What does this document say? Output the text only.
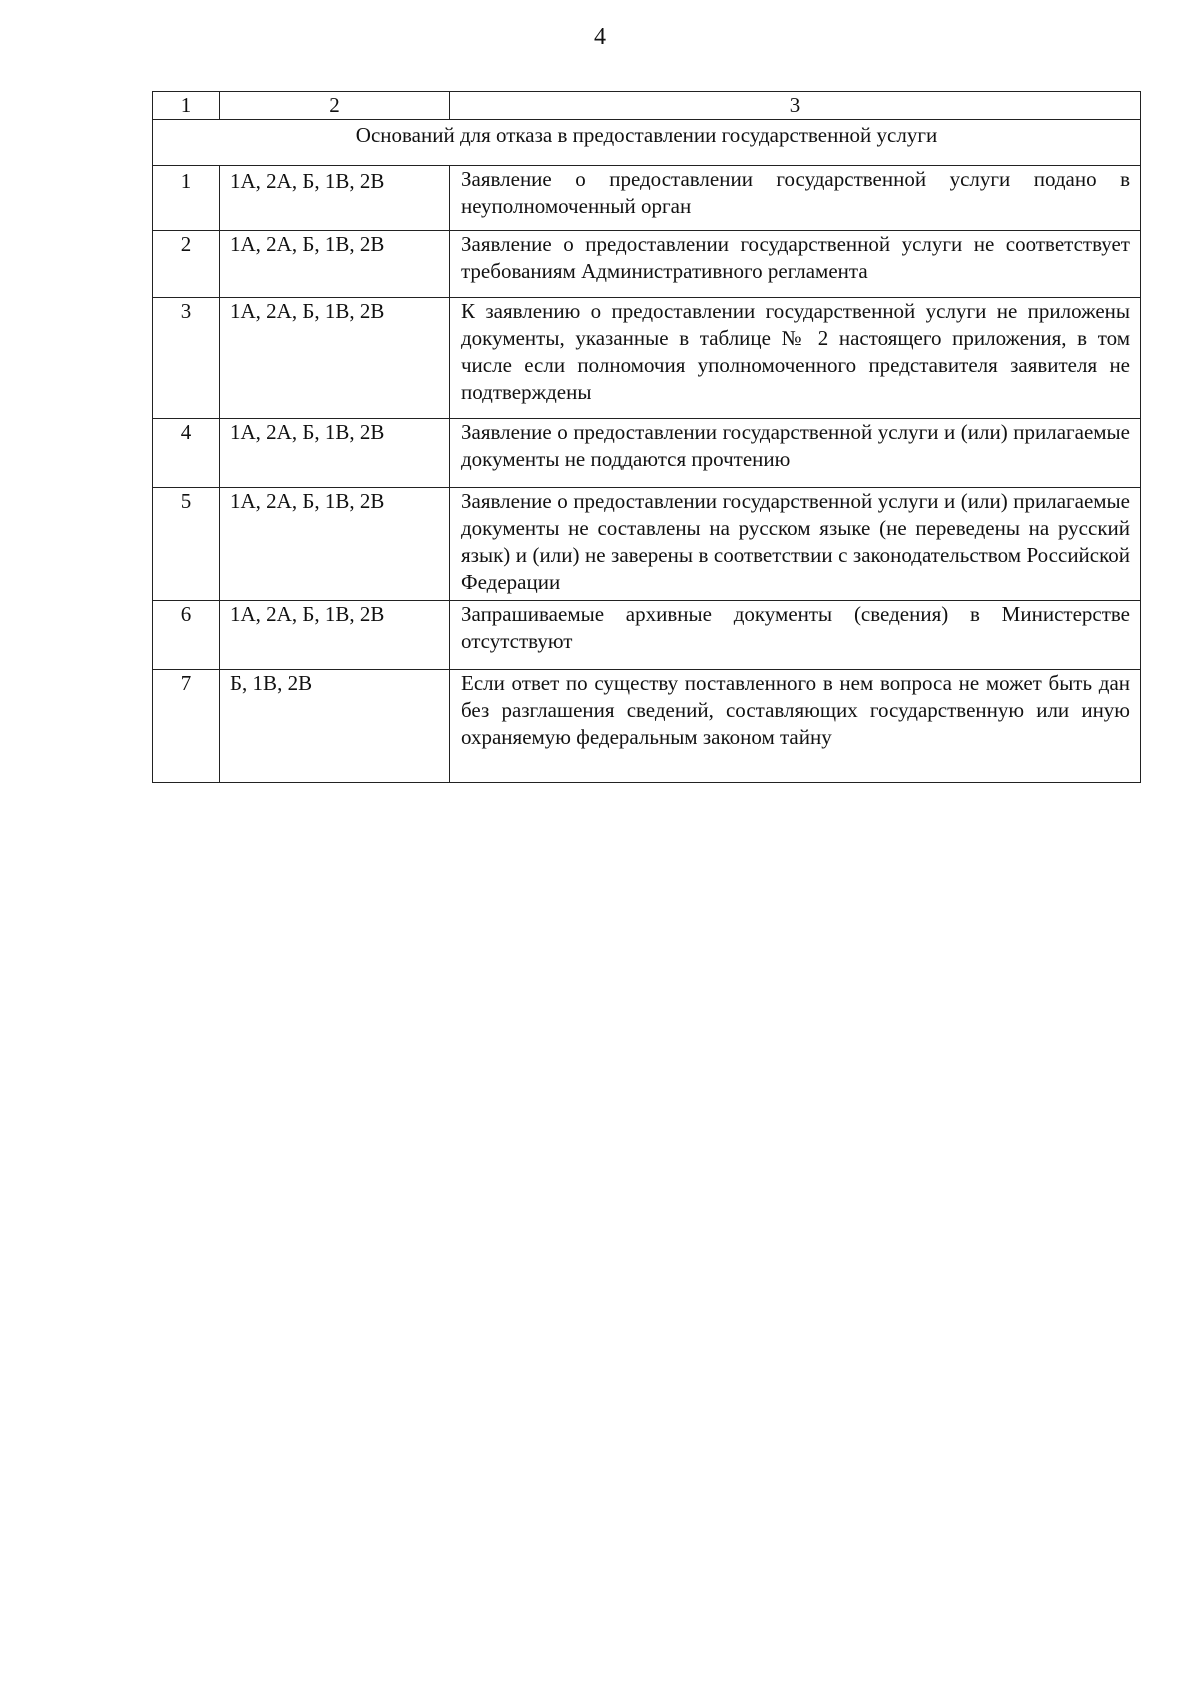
4
1	2	3
Оснований для отказа в предоставлении государственной услуги		
1	1А, 2А, Б, 1В, 2В	Заявление о предоставлении государственной услуги подано в неуполномоченный орган
2	1А, 2А, Б, 1В, 2В	Заявление о предоставлении государственной услуги не соответствует требованиям Административного регламента
3	1А, 2А, Б, 1В, 2В	К заявлению о предоставлении государственной услуги не приложены документы, указанные в таблице № 2 настоящего приложения, в том числе если полномочия уполномоченного представителя заявителя не подтверждены
4	1А, 2А, Б, 1В, 2В	Заявление о предоставлении государственной услуги и (или) прилагаемые документы не поддаются прочтению
5	1А, 2А, Б, 1В, 2В	Заявление о предоставлении государственной услуги и (или) прилагаемые документы не составлены на русском языке (не переведены на русский язык) и (или) не заверены в соответствии с законодательством Российской Федерации
6	1А, 2А, Б, 1В, 2В	Запрашиваемые архивные документы (сведения) в Министерстве отсутствуют
7	Б, 1В, 2В	Если ответ по существу поставленного в нем вопроса не может быть дан без разглашения сведений, составляющих государственную или иную охраняемую федеральным законом тайну
